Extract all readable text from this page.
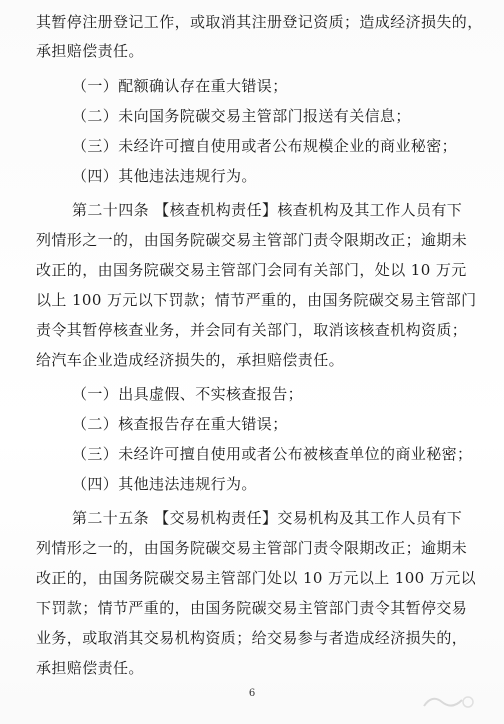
其暂停注册登记工作，或取消其注册登记资质；造成经济损失的，
承担赔偿责任。
（一）配额确认存在重大错误；
（二）未向国务院碳交易主管部门报送有关信息；
（三）未经许可擅自使用或者公布规模企业的商业秘密；
（四）其他违法违规行为。
第二十四条 【核查机构责任】核查机构及其工作人员有下
列情形之一的，由国务院碳交易主管部门责令限期改正；逾期未
改正的，由国务院碳交易主管部门会同有关部门，处以 10 万元
以上 100 万元以下罚款；情节严重的，由国务院碳交易主管部门
责令其暂停核查业务，并会同有关部门，取消该核查机构资质；
给汽车企业造成经济损失的，承担赔偿责任。
（一）出具虚假、不实核查报告；
（二）核查报告存在重大错误；
（三）未经许可擅自使用或者公布被核查单位的商业秘密；
（四）其他违法违规行为。
第二十五条 【交易机构责任】交易机构及其工作人员有下
列情形之一的，由国务院碳交易主管部门责令限期改正；逾期未
改正的，由国务院碳交易主管部门处以 10 万元以上 100 万元以
下罚款；情节严重的，由国务院碳交易主管部门责令其暂停交易
业务，或取消其交易机构资质；给交易参与者造成经济损失的，
承担赔偿责任。
6
